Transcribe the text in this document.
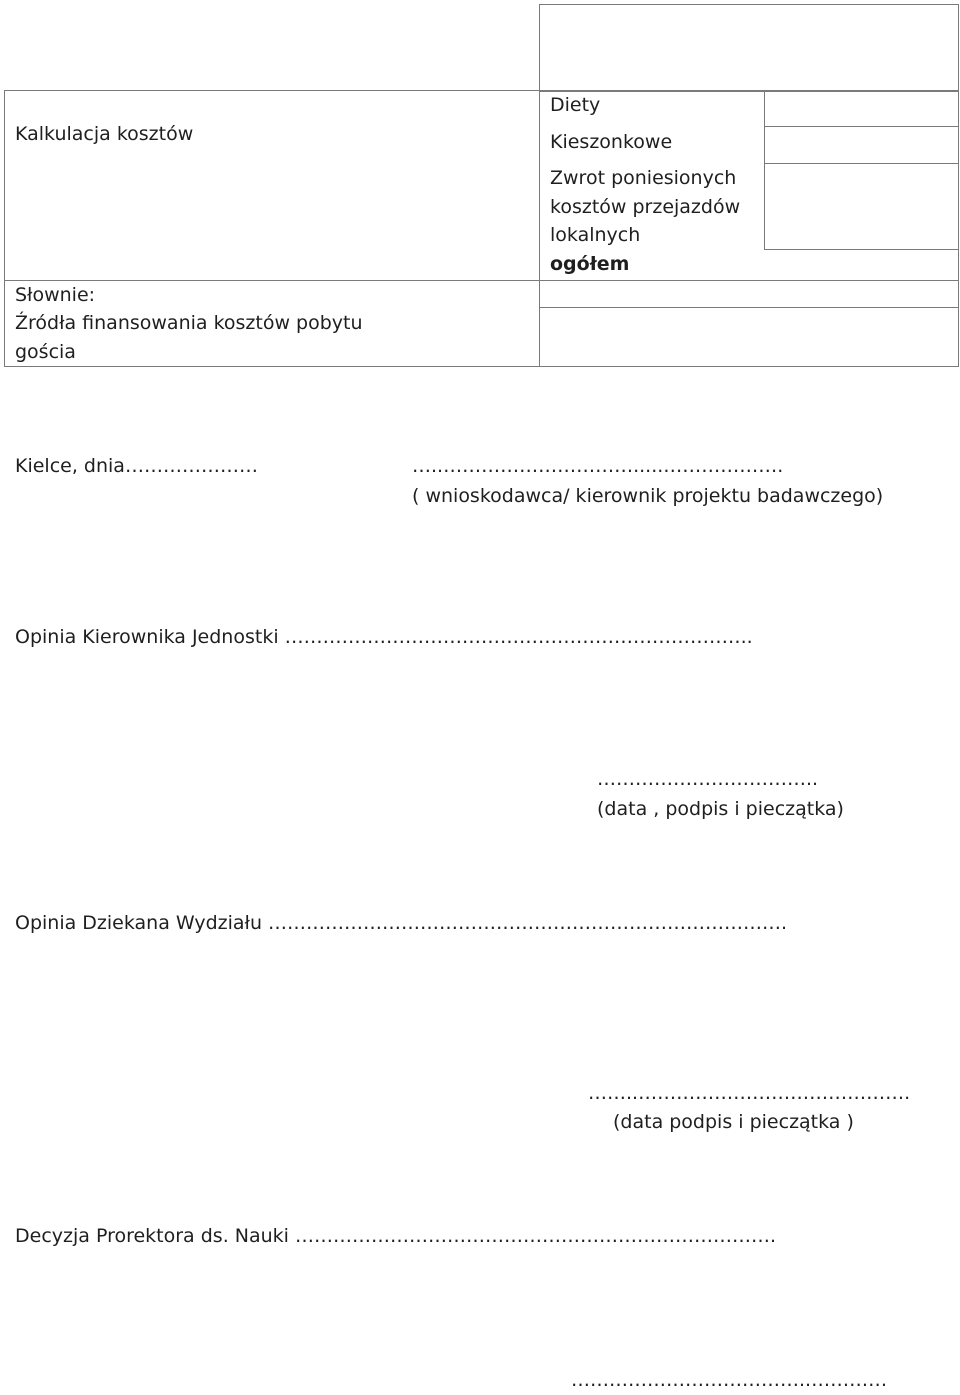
Kalkulacja kosztów
Słownie:
Źródła finansowania kosztów pobytu
gościa
Diety
Kieszonkowe
Zwrot poniesionych
kosztów przejazdów
lokalnych
ogółem
Kielce, dnia…………………	…..………………………….....……………….
( wnioskodawca/ kierownik projektu badawczego)
Opinia Kierownika Jednostki ………………………………………………………………..
……………………………..
(data , podpis i pieczątka)
Opinia Dziekana Wydziału ……………………………………………………………………….
……..…………………………………….
(data podpis i pieczątka )
Decyzja Prorektora ds. Nauki ………………………………………………………………….
………………………………..…………
